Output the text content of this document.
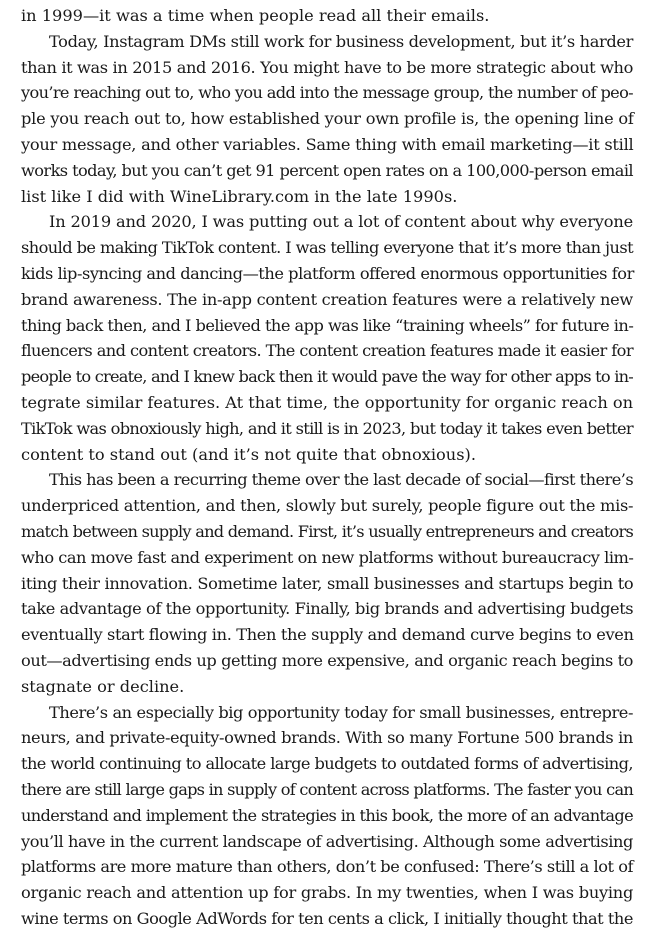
in 1999—it was a time when people read all their emails.
Today, Instagram DMs still work for business development, but it’s harder
than it was in 2015 and 2016. You might have to be more strategic about who
you’re reaching out to, who you add into the message group, the number of peo-
ple you reach out to, how established your own profile is, the opening line of
your message, and other variables. Same thing with email marketing—it still
works today, but you can’t get 91 percent open rates on a 100,000-person email
list like I did with WineLibrary.com in the late 1990s.
In 2019 and 2020, I was putting out a lot of content about why everyone
should be making TikTok content. I was telling everyone that it’s more than just
kids lip-syncing and dancing—the platform offered enormous opportunities for
brand awareness. The in-app content creation features were a relatively new
thing back then, and I believed the app was like “training wheels” for future in-
fluencers and content creators. The content creation features made it easier for
people to create, and I knew back then it would pave the way for other apps to in-
tegrate similar features. At that time, the opportunity for organic reach on
TikTok was obnoxiously high, and it still is in 2023, but today it takes even better
content to stand out (and it’s not quite that obnoxious).
This has been a recurring theme over the last decade of social—first there’s
underpriced attention, and then, slowly but surely, people figure out the mis-
match between supply and demand. First, it’s usually entrepreneurs and creators
who can move fast and experiment on new platforms without bureaucracy lim-
iting their innovation. Sometime later, small businesses and startups begin to
take advantage of the opportunity. Finally, big brands and advertising budgets
eventually start flowing in. Then the supply and demand curve begins to even
out—advertising ends up getting more expensive, and organic reach begins to
stagnate or decline.
There’s an especially big opportunity today for small businesses, entrepre-
neurs, and private-equity-owned brands. With so many Fortune 500 brands in
the world continuing to allocate large budgets to outdated forms of advertising,
there are still large gaps in supply of content across platforms. The faster you can
understand and implement the strategies in this book, the more of an advantage
you’ll have in the current landscape of advertising. Although some advertising
platforms are more mature than others, don’t be confused: There’s still a lot of
organic reach and attention up for grabs. In my twenties, when I was buying
wine terms on Google AdWords for ten cents a click, I initially thought that the
